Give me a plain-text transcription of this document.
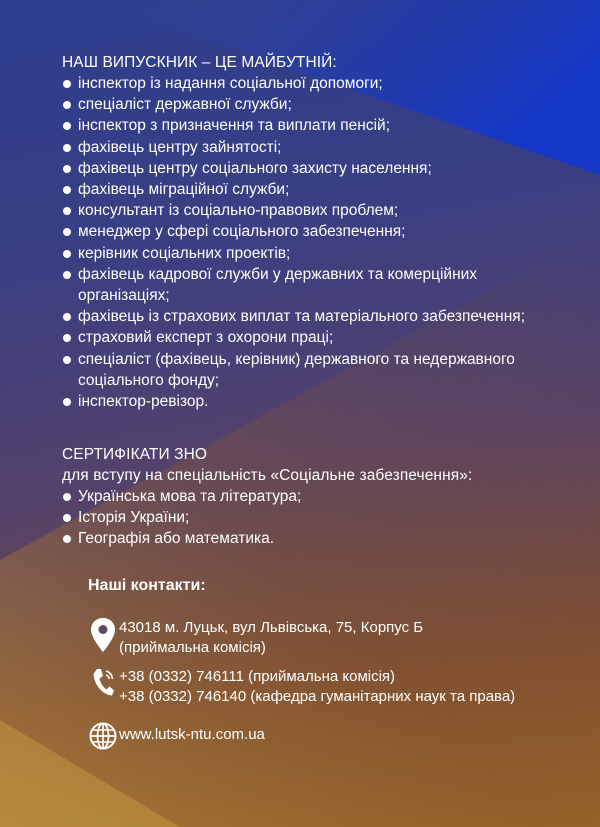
НАШ ВИПУСКНИК – ЦЕ МАЙБУТНІЙ:
інспектор із надання соціальної допомоги;
спеціаліст державної служби;
інспектор з призначення та виплати пенсій;
фахівець центру зайнятості;
фахівець центру соціального захисту населення;
фахівець міграційної служби;
консультант із соціально-правових проблем;
менеджер у сфері соціального забезпечення;
керівник соціальних проектів;
фахівець кадрової служби у державних та комерційних організаціях;
фахівець із страхових виплат та матеріального забезпечення;
страховий експерт з охорони праці;
спеціаліст (фахівець, керівник) державного та недержавного соціального фонду;
інспектор-ревізор.
СЕРТИФІКАТИ ЗНО
для вступу на спеціальність «Соціальне забезпечення»:
Українська мова та література;
Історія України;
Географія або математика.
Наші контакти:
43018 м. Луцьк, вул Львівська, 75, Корпус Б
(приймальна комісія)
+38 (0332) 746111 (приймальна комісія)
+38 (0332) 746140 (кафедра гуманітарних наук та права)
www.lutsk-ntu.com.ua
